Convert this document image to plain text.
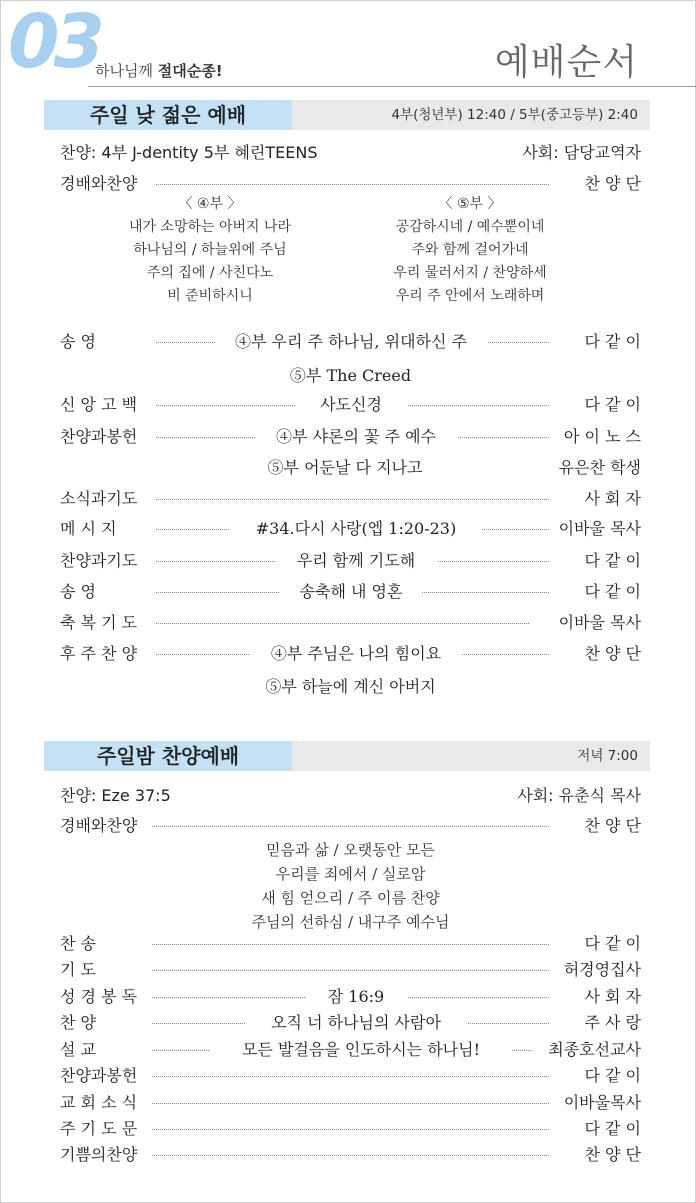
03
하나님께 절대순종!	예배순서
주일 낮 젊은 예배	4부(청년부) 12:40 / 5부(중고등부) 2:40
찬양: 4부 J-dentity 5부 혜린TEENS	사회: 담당교역자
경배와찬양	찬 양 단
〈 ④부 〉
내가 소망하는 아버지 나라
하나님의 / 하늘위에 주님
주의 집에 / 사친다노
비 준비하시니
〈 ⑤부 〉
공감하시네 / 예수뿐이네
주와 함께 걸어가네
우리 물러서지 / 찬양하세
우리 주 안에서 노래하며
송 영	④부 우리 주 하나님, 위대하신 주	다 같 이
⑤부 The Creed
신 앙 고 백	사도신경	다 같 이
찬양과봉헌	④부 샤론의 꽃 주 예수	아 이 노 스
⑤부 어둔날 다 지나고	유은찬 학생
소식과기도	사 회 자
메 시 지	#34.다시 사랑(엡 1:20-23)	이바울 목사
찬양과기도	우리 함께 기도해	다 같 이
송 영	송축해 내 영혼	다 같 이
축 복 기 도	이바울 목사
후 주 찬 양	④부 주님은 나의 힘이요	찬 양 단
⑤부 하늘에 계신 아버지
주일밤 찬양예배	저녁 7:00
찬양: Eze 37:5	사회: 유춘식 목사
경배와찬양	찬 양 단
믿음과 삶 / 오랫동안 모든
우리를 죄에서 / 실로암
새 힘 얻으리 / 주 이름 찬양
주님의 선하심 / 내구주 예수님
찬 송	다 같 이
기 도	허경영집사
성 경 봉 독	잠 16:9	사 회 자
찬 양	오직 너 하나님의 사람아	주 사 랑
설 교	모든 발걸음을 인도하시는 하나님!	최종호선교사
찬양과봉헌	다 같 이
교 회 소 식	이바울목사
주 기 도 문	다 같 이
기쁨의찬양	찬 양 단
